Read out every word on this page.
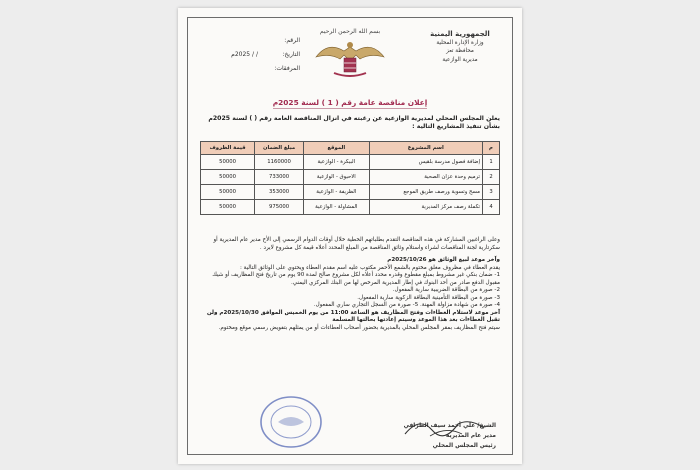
الجمهورية اليمنية
وزارة الإدارة المحلية
محافظة تعز
مديرية الوازعية
بسم الله الرحمن الرحيم
الرقم:
التاريخ:
/ / 2025م
المرفقات:
إعلان مناقصة عامة رقم ( 1 ) لسنة 2025م
يعلن المجلس المحلي لمديرية الوازعية عن رغبته في انزال المناقصة العامة رقم ( ) لسنة 2025م بشأن تنفيذ المشاريع التالية :
م	اسم المشروع	الموقع	مبلغ الضمان	قيمة الظروف
1	إضافة فصول مدرسة بلقيس	البيكرة - الوازعية	1160000	50000
2	ترميم وحدة عزان الصحية	الاحيوق - الوازعية	733000	50000
3	مسح وتسوية ورصف طريق الموجع	الظريفة - الوازعية	353000	50000
4	تكملة رصف مركز المديرية	المشاولة - الوازعية	975000	50000

وعلى الراغبين المشاركة في هذه المناقصة التقدم بطلباتهم الخطية خلال أوقات الدوام الرسمي إلى الأخ مدير عام المديرية أو سكرتارية لجنة المناقصات لشراء واستلام وثائق المناقصة من المبلغ المحدد أعلاه قيمة كل مشروع لايرد .

وآخر موعد لبيع الوثائق هو 2025/10/26م

يقدم العطاء في مظروف مغلق مختوم بالشمع الأحمر مكتوب عليه اسم مقدم العطاء ويحتوي على الوثائق التالية :

1- ضمان بنكي غير مشروط بمبلغ مقطوع وقدره محدد أعلاه لكل مشروع صالح لمدة 90 يوم من تاريخ فتح المظاريف أو شيك مقبول الدفع صادر من أحد البنوك في إطار المديرية المرخص لها من البنك المركزي اليمني.

2- صورة من البطاقة الضريبية سارية المفعول.

3- صورة من البطاقة التأمينية البطاقة الزكوية سارية المفعول.

4- صورة من شهادة مزاولة المهنة. 5- صورة من السجل التجاري ساري المفعول.

آخر موعد لاستلام العطاءات وفتح المظاريف هو الساعة 11:00 من يوم الخميس الموافق 2025/10/30م ولن تقبل العطاءات بعد هذا الموعد وسيتم إعادتها بحالتها المسلمة

سيتم فتح المظاريف بمقر المجلس المحلي بالمديرية بحضور أصحاب العطاءات أو من يمثلهم بتفويض رسمي موقع ومختوم.

الشيخ/ علي أحمد سيف الظرافي
مدير عام المديرية
رئيس المجلس المحلي
